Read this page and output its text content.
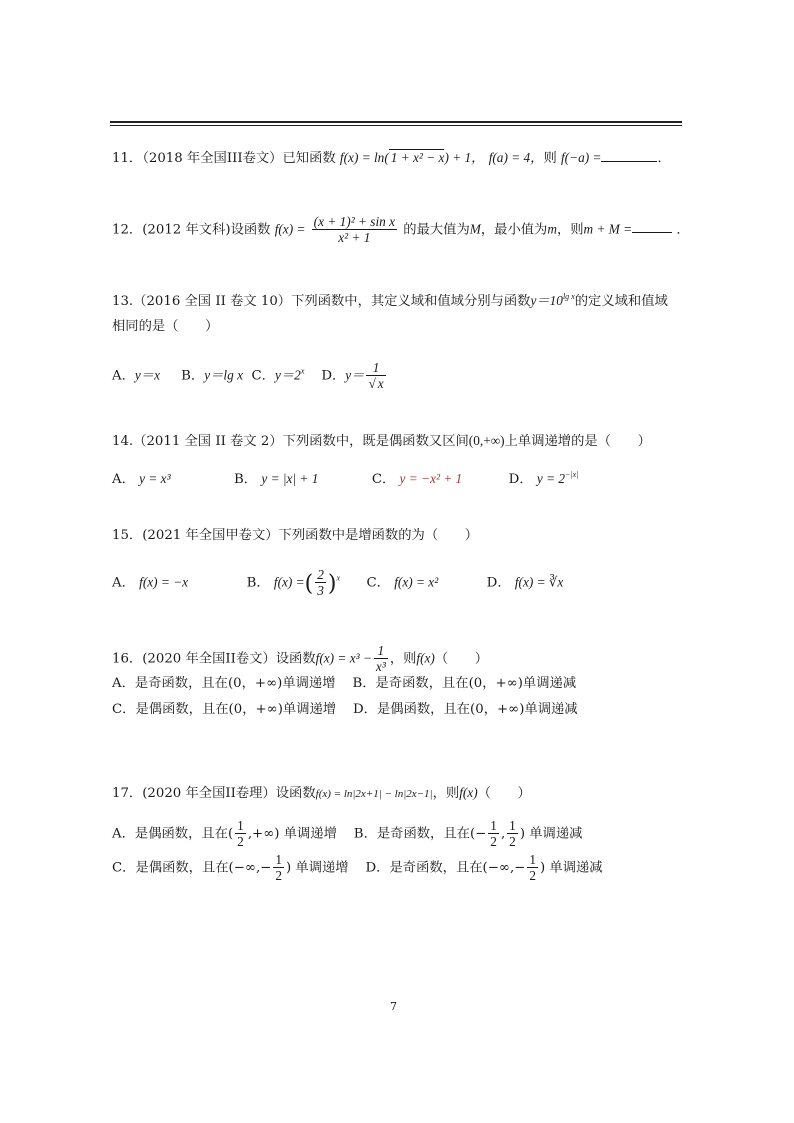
11．（2018 年全国III卷文）已知函数 f(x) = ln( 1 + x² − x) + 1， f(a) = 4，则 f(−a) =	．
12．(2012 年文科)设函数 $f(x) = \frac{\text{(x + 1)² + sin x}}{\text{x² + 1}}$ 的最大值为M，最小值为m，则m + M =	．
13.（2016 全国 II 卷文 10）下列函数中，其定义域和值域分别与函数$y=10^{lg x}$的定义域和值域
相同的是（　　）
A．y＝x B．y＝lg x C．$y=2^x$ D．$y= \frac{1}{√ x}$
14.（2011 全国 II 卷文 2）下列函数中，既是偶函数又区间(0,+∞)上单调递增的是（　　）
A． y = x³	B． y = |x| + 1	C． y = −x² + 1	D． $y = 2^{-|x|}$
15．(2021 年全国甲卷文）下列函数中是增函数的为（　　）
A． f(x) = −x	B． f(x) =( $\frac{2}{3} )^x$ C． f(x) = x²	D． f(x) = ∛x
16．(2020 年全国II卷文）设函数$f(x) = x^3 - \frac{1}{\text{x³}}$ ，则f(x)（　　）
A．是奇函数，且在(0，+∞)单调递增 B．是奇函数，且在(0，+∞)单调递减
C．是偶函数，且在(0，+∞)单调递增 D．是偶函数，且在(0，+∞)单调递减
17．(2020 年全国II卷理）设函数f(x) = ln|2x+1| − ln|2x−1|，则f(x)（　　）
A．是偶函数，且在( $\frac{1}{2}$ ,+∞) 单调递增 B．是奇函数，且在(− $\frac{1}{2}$ , $\frac{1}{2}$ ) 单调递减
C．是偶函数，且在(−∞,− $\frac{1}{2}$ ) 单调递增 D．是奇函数，且在(−∞,− $\frac{1}{2}$ ) 单调递减
7
